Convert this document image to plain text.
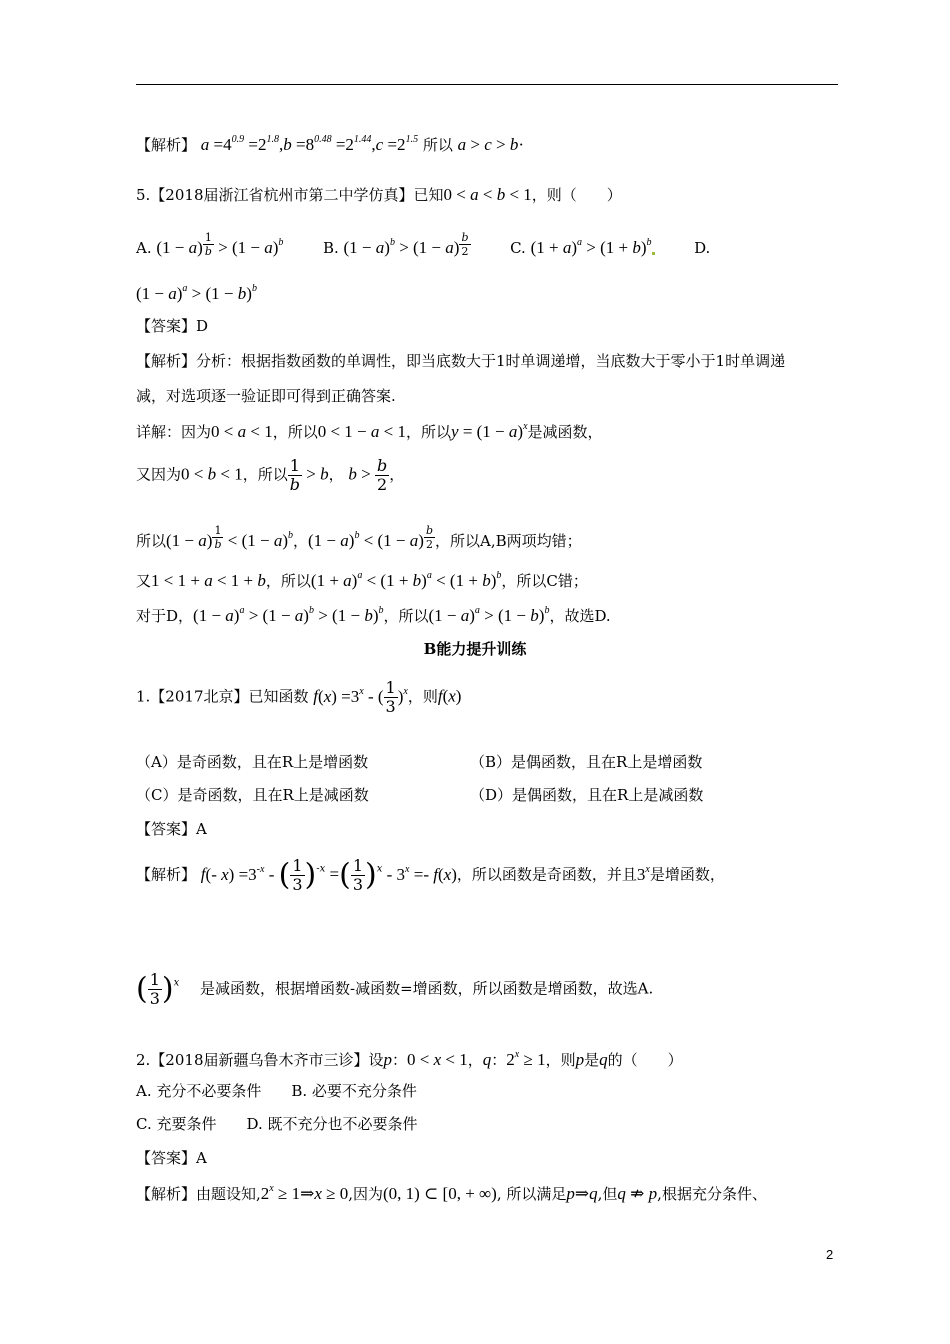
【解析】 $a =4^{0.9} =2^{1.8},b =8^{0.48} =2^{1.44},c =2^{1.5}$ 所以 a > c > b·
5.【2018届浙江省杭州市第二中学仿真】已知0 < a < b < 1，则（　　）
A. $(1 - a) \frac{1}{b} > (1 - a)^b$	B. $(1 - a)^b > (1 - a) \frac{b}{2}$	C. $(1 + a)^a > (1 + b)^b$	D.
$(1 - a)^a > (1 - b)^b$
【答案】D
【解析】分析：根据指数函数的单调性，即当底数大于1时单调递增，当底数大于零小于1时单调递
减，对选项逐一验证即可得到正确答案.
详解：因为0 < a < 1，所以0 < 1 − a < 1，所以$y = (1 - a)^x$是减函数，
又因为0 < b < 1，所以 $\frac{1}{b} > b$， $b > \frac{b}{2}$ ，
所以$(1 - a) \frac{1}{b} < (1 - a)^b$，$(1 - a)^b < (1 - a) \frac{b}{2}$ ，所以A,B两项均错；
又1 < 1 + a < 1 + b，所以$(1 + a)^a < (1 + b)^a < (1 + b)^b$，所以C错；
对于D，$(1 - a)^a > (1 - a)^b > (1 - b)^b$，所以$(1 - a)^a > (1 - b)^b$，故选D.
B能力提升训练
1.【2017北京】已知函数 $f(x) =3^x$ - ( $\frac{1}{3} )^x$，则f(x)
（A）是奇函数，且在R上是增函数	（B）是偶函数，且在R上是增函数
（C）是奇函数，且在R上是减函数	（D）是偶函数，且在R上是减函数
【答案】A
【解析】 f(- $x) =3^{-x}$ - ( $\frac{1}{3} )^{-x}$ =( $\frac{1}{3} )^x - 3^x =- f(x)$，所以函数是奇函数，并且3$^x$是增函数，
( $\frac{1}{3} )^x$ 是减函数，根据增函数-减函数=增函数，所以函数是增函数，故选A.
2.【2018届新疆乌鲁木齐市三诊】设p：0 < x < 1，q：$2^x \ge 1$，则p是q的（　　）
A. 充分不必要条件　　B. 必要不充分条件
C. 充要条件　　D. 既不充分也不必要条件
【答案】A
【解析】由题设知$,2^x$ ≥ 1⇒x ≥ 0,因为(0, 1) ⊂ [0, + ∞), 所以满足p⇒q,但q ⇏ p,根据充分条件、
2
